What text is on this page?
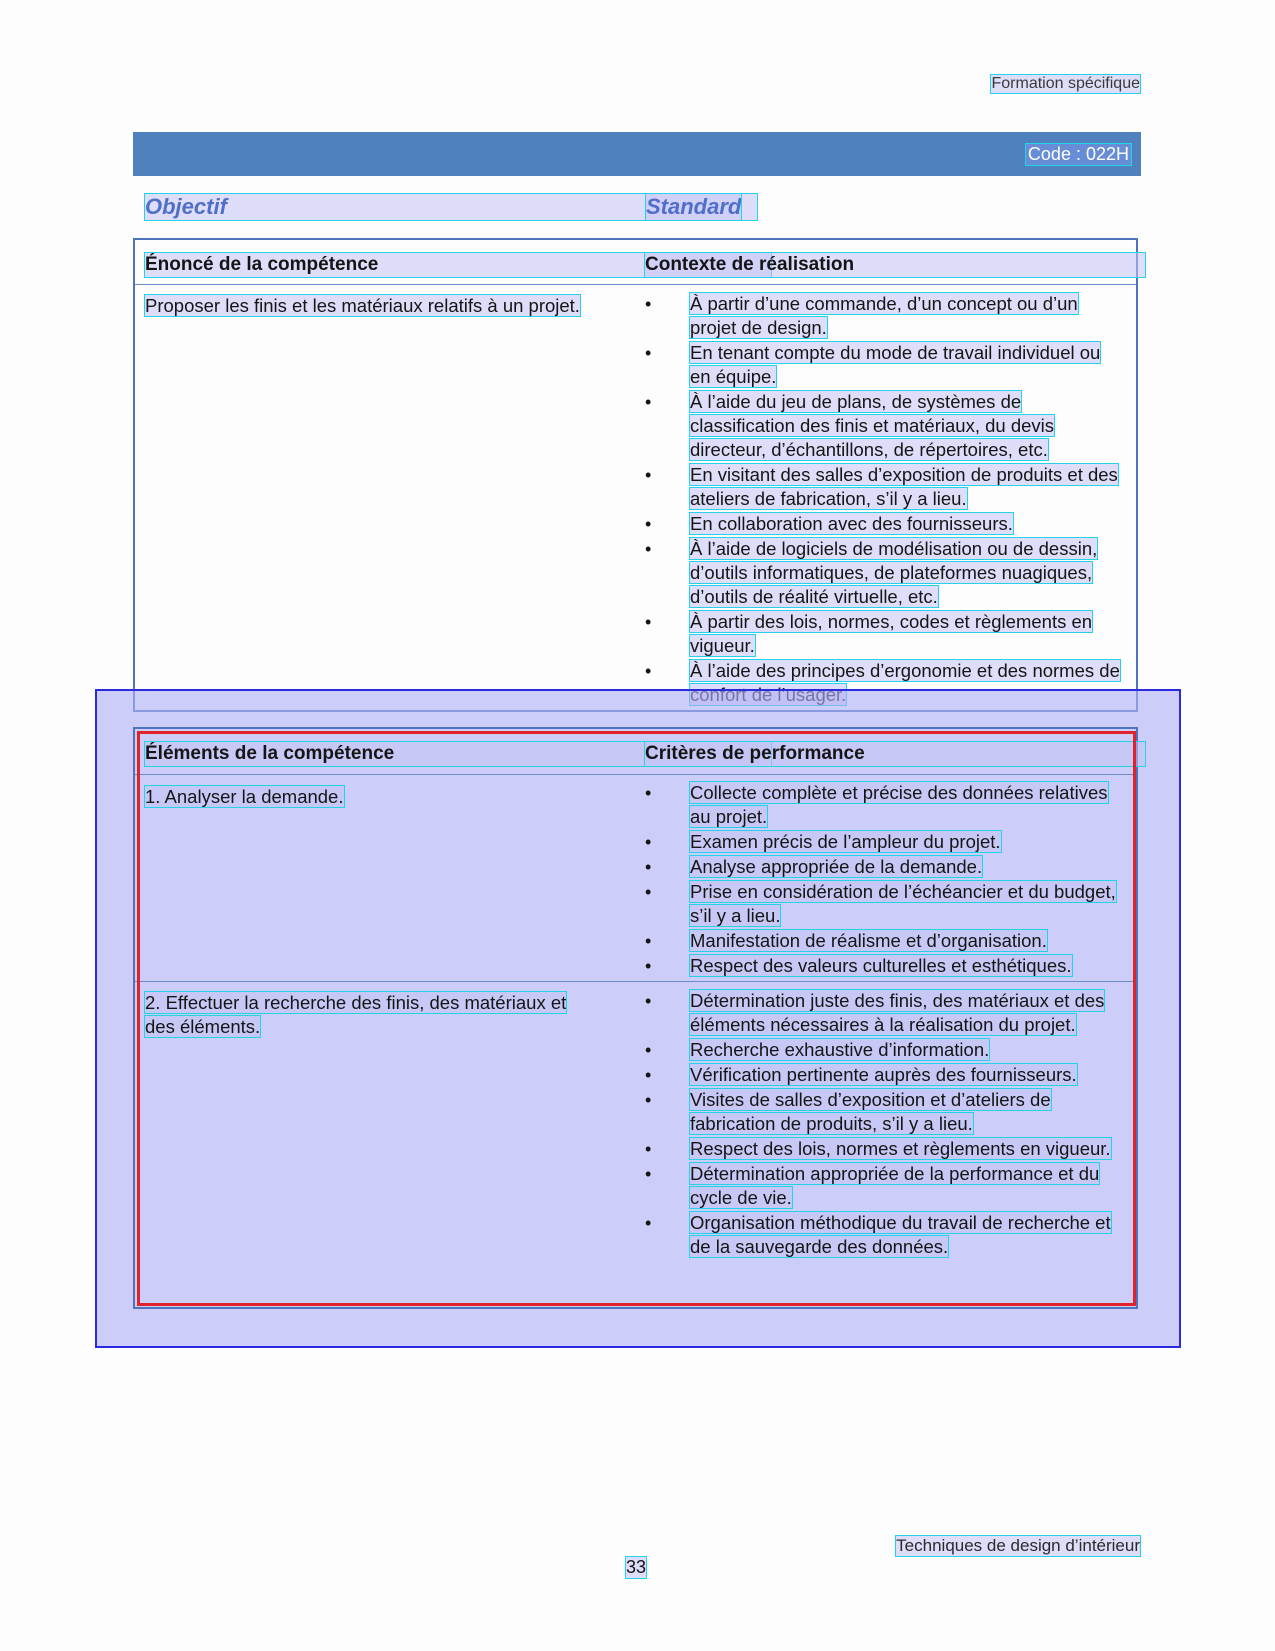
Formation spécifique
Code : 022H
Objectif	Standard
Énoncé de la compétence	Contexte de réalisation
Proposer les finis et les matériaux relatifs à un projet.	• À partir d’une commande, d’un concept ou d’un projet de design.
• En tenant compte du mode de travail individuel ou en équipe.
• À l’aide du jeu de plans, de systèmes de classification des finis et matériaux, du devis directeur, d’échantillons, de répertoires, etc.
• En visitant des salles d’exposition de produits et des ateliers de fabrication, s’il y a lieu.
• En collaboration avec des fournisseurs.
• À l’aide de logiciels de modélisation ou de dessin, d’outils informatiques, de plateformes nuagiques, d’outils de réalité virtuelle, etc.
• À partir des lois, normes, codes et règlements en vigueur.
• À l’aide des principes d’ergonomie et des normes de
Éléments de la compétence	Critères de performance
1. Analyser la demande.	• Collecte complète et précise des données relatives au projet.
• Examen précis de l’ampleur du projet.
• Analyse appropriée de la demande.
• Prise en considération de l’échéancier et du budget, s’il y a lieu.
• Manifestation de réalisme et d’organisation.
• Respect des valeurs culturelles et esthétiques.
2. Effectuer la recherche des finis, des matériaux et des éléments.
• Détermination juste des finis, des matériaux et des éléments nécessaires à la réalisation du projet.
• Recherche exhaustive d’information.
• Vérification pertinente auprès des fournisseurs.
• Visites de salles d’exposition et d’ateliers de fabrication de produits, s’il y a lieu.
• Respect des lois, normes et règlements en vigueur.
• Détermination appropriée de la performance et du cycle de vie.
• Organisation méthodique du travail de recherche et de la sauvegarde des données.
Techniques de design d’intérieur
33
